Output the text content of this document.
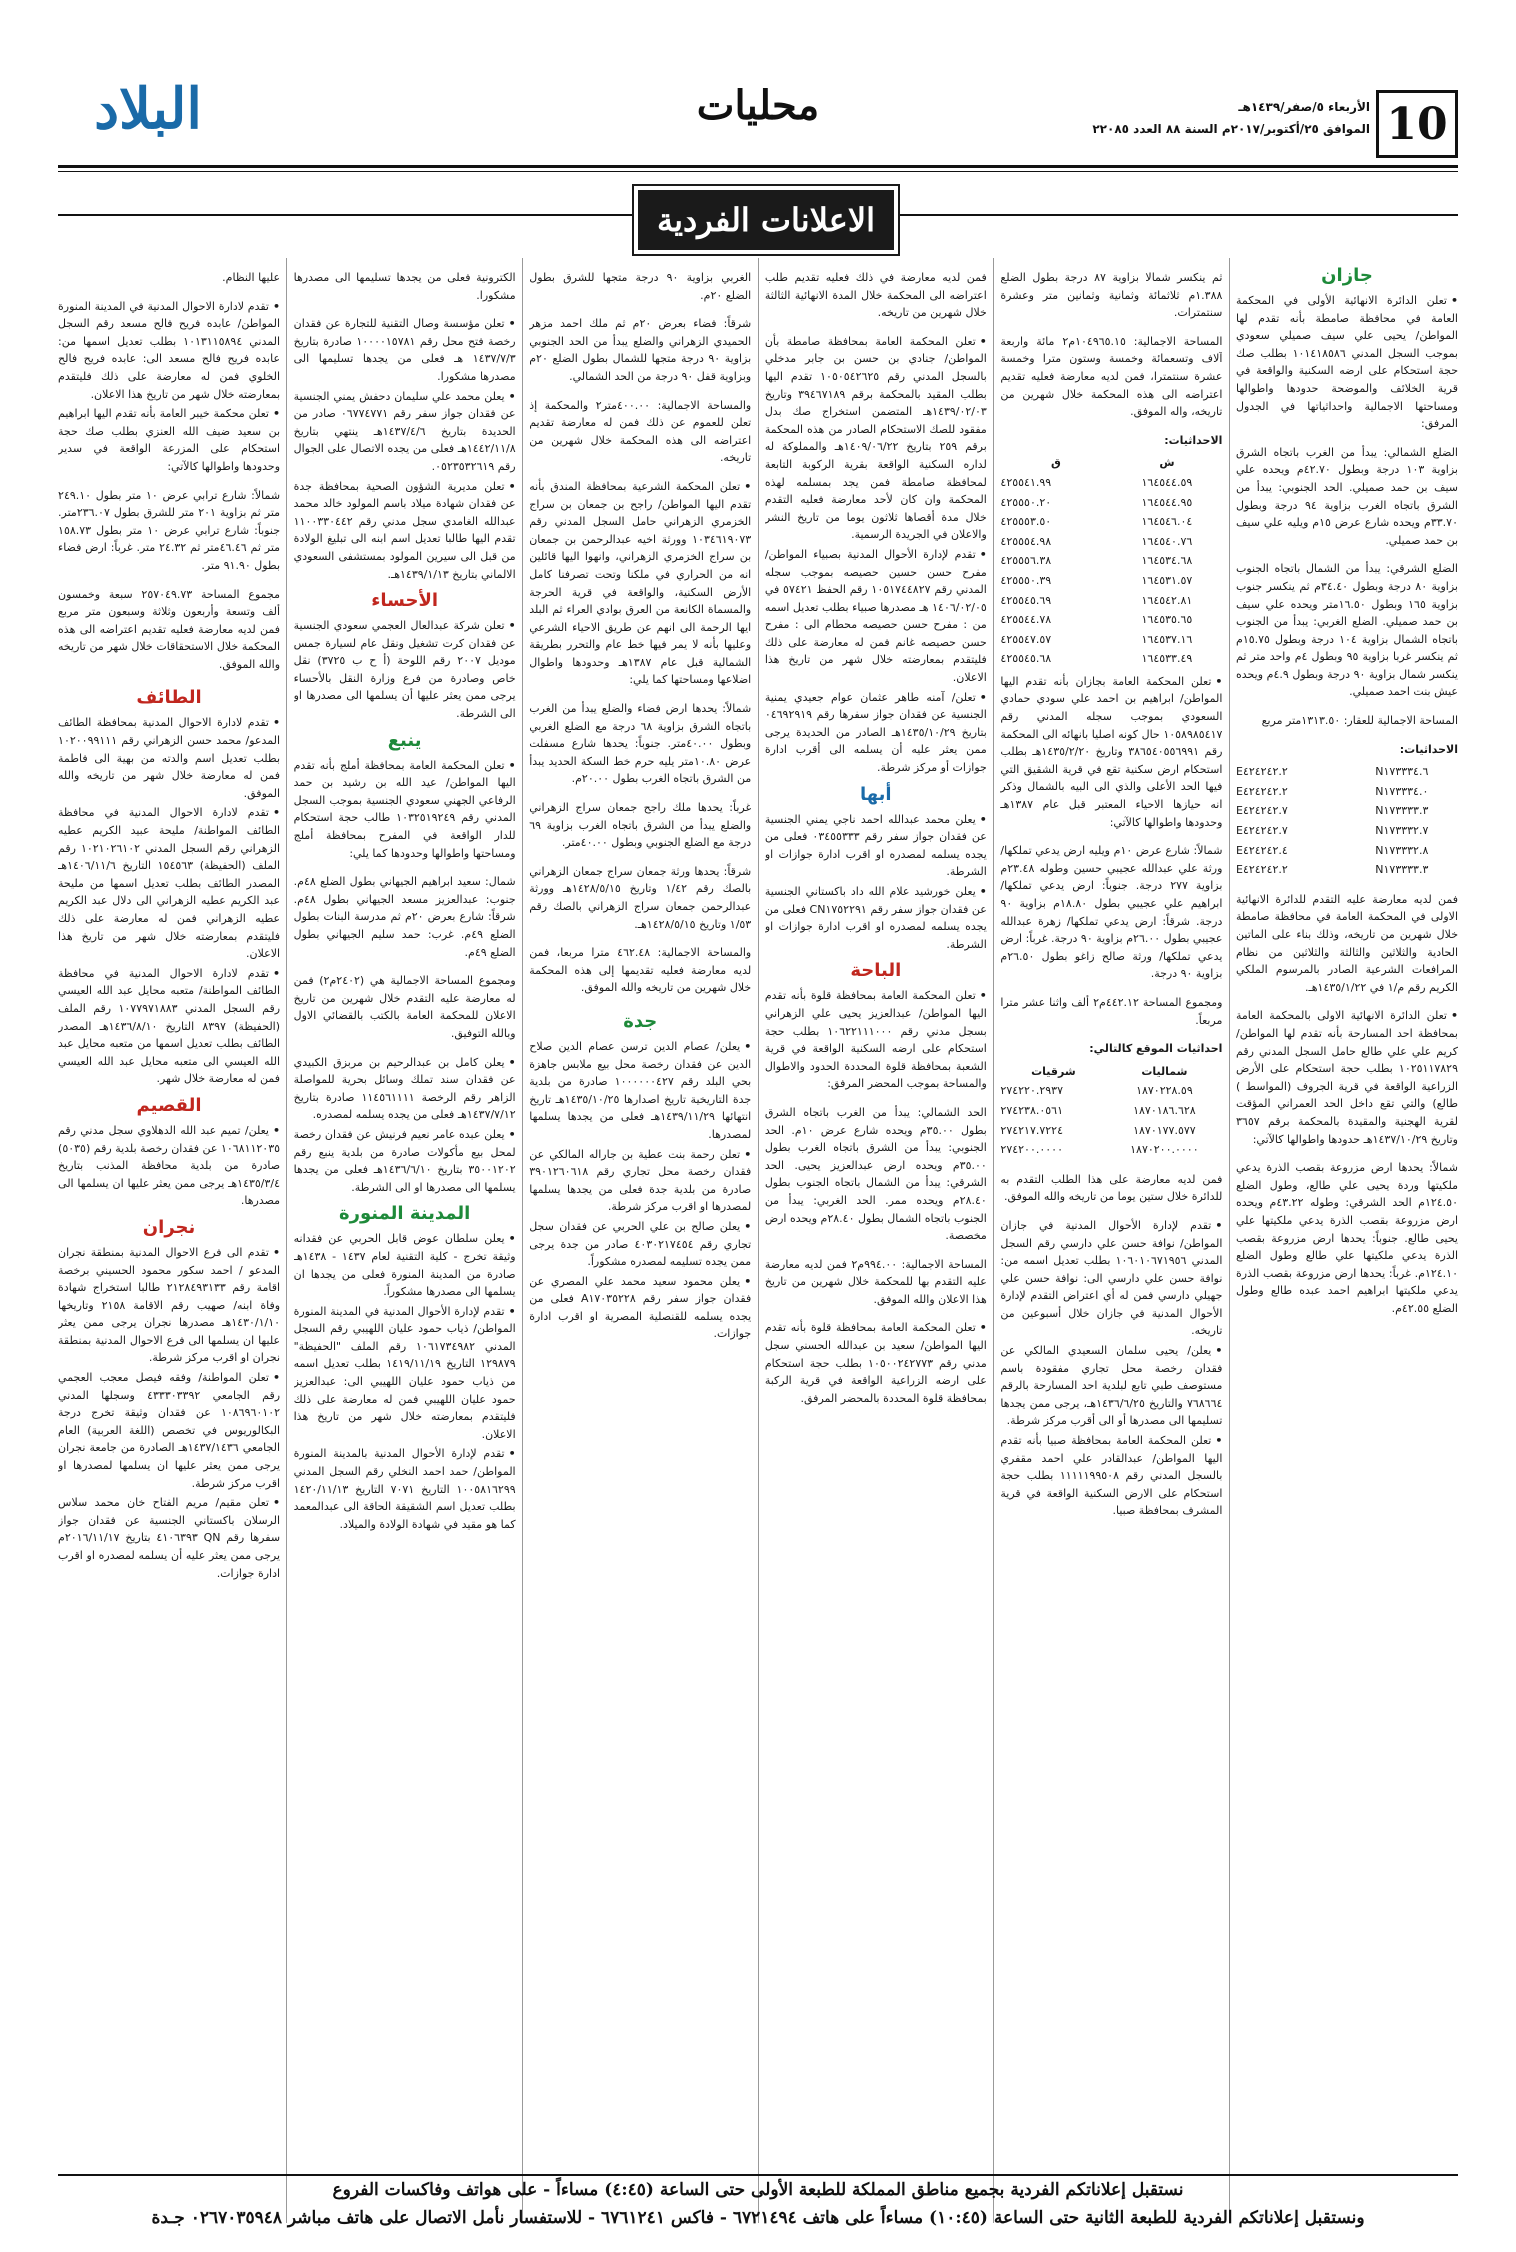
10
الأربعاء ٥/صفر/١٤٣٩هـ
الموافق ٢٥/أكتوبر/٢٠١٧م السنة ٨٨ العدد ٢٢٠٨٥
محليات
البلاد
الاعلانات الفردية
جازان

• تعلن الدائرة الانهائية الأولى في المحكمة العامة في محافظة صامطة بأنه تقدم لها المواطن/ يحيى علي سيف صميلي سعودي بموجب السجل المدني ١٠١٤١٨٥٨٦ بطلب صك حجة استحكام على ارضه السكنية والواقعة في قرية الخلائف والموضحة حدودها واطوالها ومساحتها الاجمالية واحداثياتها في الجدول المرفق:

الضلع الشمالي: يبدأ من الغرب باتجاه الشرق بزاوية ١٠٣ درجة وبطول ٤٢.٧٠م ويحده علي سيف بن حمد صميلي. الحد الجنوبي: يبدأ من الشرق باتجاه الغرب بزاوية ٩٤ درجة وبطول ٣٣.٧٠م ويحده شارع عرض ١٥م ويليه علي سيف بن حمد صميلي.

الضلع الشرقي: يبدأ من الشمال باتجاه الجنوب بزاوية ٨٠ درجة وبطول ٣٤.٤٠م ثم ينكسر جنوب بزاوية ١٦٥ وبطول ١٦.٥٠متر ويحده علي سيف بن حمد صميلي. الضلع الغربي: يبدأ من الجنوب باتجاه الشمال بزاوية ١٠٤ درجة وبطول ١٥.٧٥م ثم ينكسر غربا بزاوية ٩٥ وبطول ٤م واحد متر ثم ينكسر شمال بزاوية ٩٠ درجة وبطول ٤.٩م ويحده عيش بنت احمد صميلي.

المساحة الاجمالية للعقار: ١٣١٣.٥٠متر مربع

الاحداثيات:
E٤٢٤٢٤٢.٢	N١٧٣٣٣٤.٦
E٤٢٤٢٤٢.٢	N١٧٣٣٣٤.٠
E٤٢٤٢٤٢.٧	N١٧٣٣٣٣.٣
E٤٢٤٢٤٢.٧	N١٧٣٣٣٢.٧
E٤٢٤٢٤٢.٤	N١٧٣٣٣٢.٨
E٤٢٤٢٤٢.٢	N١٧٣٣٣٣.٣

فمن لديه معارضة عليه التقدم للدائرة الانهائية الاولى في المحكمة العامة في محافظة صامطة خلال شهرين من تاريخه، وذلك بناء على الماتين الحادية والثلاثين والثالثة والثلاثين من نظام المرافعات الشرعية الصادر بالمرسوم الملكي الكريم رقم م/١ في ١٤٣٥/١/٢٢هـ.

• تعلن الدائرة الانهائية الاولى بالمحكمة العامة بمحافظة احد المسارحة بأنه تقدم لها المواطن/ كريم علي علي طالع حامل السجل المدني رقم ١٠٢٥١١٧٨٢٩ بطلب حجة استحكام على الأرض الزراعية الواقعة في قرية الجروف (المواسط ) طالع) والتي تقع داخل الحد العمراني المؤقت لقرية الهجنية والمقيدة بالمحكمة برقم ٣٦٥٧ وتاريخ ١٤٣٧/١٠/٢٩هـ حدودها واطوالها كالآتي:

شمالاً: يحدها ارض مزروعة بقصب الذرة يدعي ملكيتها وردة يحيى علي طالع، وطول الضلع ١٢٤.٥٠م الحد الشرقي: وطوله ٤٣.٢٢م ويحده ارض مزروعة بقصب الذرة يدعي ملكيتها علي يحيى طالع. جنوباً: يحدها ارض مزروعة بقصب الذرة يدعي ملكيتها علي طالع وطول الضلع ١٢٤.١٠م. غرباً: يحدها ارض مزروعة بقصب الذرة يدعي ملكيتها ابراهيم احمد عبده طالع وطول الضلع ٤٢.٥٥م.

ثم ينكسر شمالا بزاوية ٨٧ درجة بطول الضلع ١.٣٨٨م ثلاثمائة وثمانية وثمانين متر وعشرة سنتمترات.

المساحة الاجمالية: ١٠٤٩٦٥.١٥م٢ مائة واربعة آلاف وتسعمائة وخمسة وستون مترا وخمسة عشرة سنتمترا، فمن لديه معارضة فعليه تقديم اعتراضه الى هذه المحكمة خلال شهرين من تاريخه، واله الموفق.

الاحداثيات:
ق	ش
٤٢٥٥٤١.٩٩	١٦٤٥٤٤.٥٩
٤٢٥٥٥٠.٢٠	١٦٤٥٤٤.٩٥
٤٢٥٥٥٣.٥٠	١٦٤٥٤٦.٠٤
٤٢٥٥٥٤.٩٨	١٦٤٥٤٠.٧٦
٤٢٥٥٥٦.٣٨	١٦٤٥٣٤.٦٨
٤٢٥٥٥٠.٣٩	١٦٤٥٣١.٥٧
٤٢٥٥٤٥.٦٩	١٦٤٥٤٢.٨١
٤٢٥٥٤٤.٧٨	١٦٤٥٣٥.٦٥
٤٢٥٥٤٧.٥٧	١٦٤٥٣٧.١٦
٤٢٥٥٤٥.٦٨	١٦٤٥٣٣.٤٩

• تعلن المحكمة العامة بجازان بأنه تقدم اليها المواطن/ ابراهيم بن احمد علي سودي حمادي السعودي بموجب سجله المدني رقم ١٠٥٨٩٨٥٤١٧ حال كونه اصليا بانهائه الى المحكمة رقم ٣٨٦٥٤٠٥٥٦٩٩١ وتاريخ ١٤٣٥/٢/٢٠هـ بطلب استحكام ارض سكنية تقع في قرية الشقيق التي فيها الحد الأعلى والذي الى البيه بالشمال وذكر انه حيازها الاحياء المعتبر قبل عام ١٣٨٧هـ وحدودها واطوالها كالآتي:

شمالاً: شارع عرض ١٠م ويليه ارض يدعي تملكها/ ورثة علي عبدالله عجيبي حسين وطوله ٢٣.٤٨م بزاوية ٢٧٧ درجة. جنوباً: ارض يدعي تملكها/ ابراهيم علي عجيبي بطول ١٨.٨٠م بزاوية ٩٠ درجة. شرقاً: ارض يدعي تملكها/ زهرة عبدالله عجيبي بطول ٢٦.٠٠م بزاوية ٩٠ درجة. غرباً: ارض يدعي تملكها/ ورثة صالح زاغو بطول ٢٦.٥٠م بزاوية ٩٠ درجة.

ومجموع المساحة ٤٤٢.١٢م٢ ألف واثنا عشر مترا مربعاً.

احداثيات الموقع كالتالي:
شرقيات	شماليات
٢٧٤٢٢٠.٢٩٣٧	١٨٧٠٢٢٨.٥٩
٢٧٤٢٣٨.٠٥٦١	١٨٧٠١٨٦.٦٢٨
٢٧٤٢١٧.٧٢٢٤	١٨٧٠١٧٧.٥٧٧
٢٧٤٢٠٠.٠٠٠٠	١٨٧٠٢٠٠.٠٠٠٠

فمن لديه معارضة على هذا الطلب التقدم به للدائرة خلال ستين يوما من تاريخه والله الموفق.

• تقدم لإدارة الأحوال المدنية في جازان المواطن/ نوافة حسن علي دارسي رقم السجل المدني ١٠٦٠١٠٦٧١٩٥٦ بطلب تعديل اسمه من: نوافة حسن علي دارسي الى: نوافة حسن علي جهيلي دارسي فمن له أي اعتراض التقدم لإدارة الأحوال المدنية في جازان خلال أسبوعين من تاريخه.

• يعلن/ يحيى سلمان السعيدي المالكي عن فقدان رخصة محل تجاري مفقودة باسم مستوصف طبي تابع لبلدية احد المسارحة بالرقم ٧٦٨٦٦٤ والتاريخ ١٤٣٦/٦/٢٥هـ، يرجى ممن يجدها تسليمها الى مصدرها أو الى أقرب مركز شرطة.

• تعلن المحكمة العامة بمحافظة صبيا بأنه تقدم اليها المواطن/ عبدالقادر علي احمد مقفري بالسجل المدني رقم ١١١١١٩٩٥٠٨ بطلب حجة استحكام على الارض السكنية الواقعة في قرية المشرف بمحافظة صبيا.

فمن لديه معارضة في ذلك فعليه تقديم طلب اعتراضه الى المحكمة خلال المدة الانهائية الثالثة خلال شهرين من تاريخه.

• تعلن المحكمة العامة بمحافظة صامطة بأن المواطن/ جنادي بن حسن بن جابر مدخلي بالسجل المدني رقم ١٠٥٠٥٤٢٦٢٥ تقدم اليها بطلب المقيد بالمحكمة برقم ٣٩٤٦٧١٨٩ وتاريخ ١٤٣٩/٠٢/٠٣هـ المتضمن استخراج صك بدل مفقود للصك الاستحكام الصادر من هذه المحكمة برقم ٢٥٩ بتاريخ ١٤٠٩/٠٦/٢٢هـ والمملوكة له لداره السكنية الواقعة بقرية الركوبة التابعة لمحافظة صامطة فمن يجد بمسلمه لهذه المحكمة وان كان لأحد معارضة فعليه التقدم خلال مدة أقصاها ثلاثون يوما من تاريخ النشر والاعلان في الجريدة الرسمية.

• تقدم لإدارة الأحوال المدنية بصبياء المواطن/ مفرح حسن حسين حصيصه بموجب سجله المدني رقم ١٠٥١٧٤٤٨٢٧ رقم الحفظ ٥٧٤٢١ في ١٤٠٦/٠٢/٠٥ هـ مصدرها صبياء بطلب تعديل اسمه من : مفرح حسن حصيصه محطام الى : مفرح حسن حصيصه غانم فمن له معارضة على ذلك فليتقدم بمعارضته خلال شهر من تاريخ هذا الاعلان.

• تعلن/ آمنه طاهر عثمان عوام جعيدي يمنية الجنسية عن فقدان جواز سفرها رقم ٠٤٦٩٢٩١٩ بتاريخ ١٤٣٥/١٠/٢٩هـ الصادر من الحديدة يرجى ممن يعثر عليه أن يسلمه الى أقرب ادارة جوازات أو مركز شرطة.

أبها

• يعلن محمد عبدالله احمد ناجي يمني الجنسية عن فقدان جواز سفر رقم ٠٣٤٥٥٣٣٣ فعلى من يجده يسلمه لمصدره او اقرب ادارة جوازات او الشرطة.

• يعلن خورشيد علام الله داد باكستاني الجنسية عن فقدان جواز سفر رقم CN١٧٥٢٢٩١ فعلى من يجده يسلمه لمصدره او اقرب ادارة جوازات او الشرطة.

الباحة

• تعلن المحكمة العامة بمحافظة قلوة بأنه تقدم اليها المواطن/ عبدالعزيز يحيى علي الزهراني بسجل مدني رقم ١٠٦٢٢١١١٠٠٠ بطلب حجة استحكام على ارضه السكنية الواقعة في قرية الشعبة بمحافظة قلوة المحددة الحدود والاطوال والمساحة بموجب المحضر المرفق:

الحد الشمالي: يبدأ من الغرب باتجاه الشرق بطول ٣٥.٠٠م ويحده شارع عرض ١٠م. الحد الجنوبي: يبدأ من الشرق باتجاه الغرب بطول ٣٥.٠٠م ويحده ارض عبدالعزيز يحيى. الحد الشرقي: يبدأ من الشمال باتجاه الجنوب بطول ٢٨.٤٠م ويحده ممر. الحد الغربي: يبدأ من الجنوب باتجاه الشمال بطول ٢٨.٤٠م ويحده ارض مخصصة.

المساحة الاجمالية: ٩٩٤.٠٠م٢ فمن لديه معارضة عليه التقدم بها للمحكمة خلال شهرين من تاريخ هذا الاعلان والله الموفق.

• تعلن المحكمة العامة بمحافظة قلوة بأنه تقدم اليها المواطن/ سعيد بن عبدالله الحسني سجل مدني رقم ١٠٥٠٠٢٤٢٧٧٣ بطلب حجة استحكام على ارضه الزراعية الواقعة في قرية الركبة بمحافظة قلوة المحددة بالمحضر المرفق.

الغربي بزاوية ٩٠ درجة متجها للشرق بطول الضلع ٢٠م.

شرقاً: فضاء بعرض ٢٠م ثم ملك احمد مزهر الحميدي الزهراني والضلع يبدأ من الحد الجنوبي بزاوية ٩٠ درجة متجها للشمال بطول الضلع ٢٠م وبزاوية قفل ٩٠ درجة من الحد الشمالي.

والمساحة الاجمالية: ٤٠٠.٠٠متر٢ والمحكمة إذ تعلن للعموم عن ذلك فمن له معارضة تقديم اعتراضه الى هذه المحكمة خلال شهرين من تاريخه.

• تعلن المحكمة الشرعية بمحافظة المندق بأنه تقدم اليها المواطن/ راجح بن جمعان بن سراج الخزمري الزهراني حامل السجل المدني رقم ١٠٣٤٦١٩٠٧٣ وورثة اخيه عبدالرحمن بن جمعان بن سراج الخزمري الزهراني، وانهوا اليها قائلين انه من الحراري في ملكنا وتحت تصرفنا كامل الأرض السكنية، والواقعة في قرية الحرجة والمسماة الكانعة من العرق بوادي العراء ثم البلد ايها الرحمة الى انهم عن طريق الاحياء الشرعي وعليها بأنه لا يمر فيها خط عام والتحرر بطريقة الشمالية قبل عام ١٣٨٧هـ وحدودها واطوال اضلاعها ومساحتها كما يلي:

شمالاً: يحدها ارض فضاء والضلع يبدأ من الغرب باتجاه الشرق بزاوية ٦٨ درجة مع الضلع الغربي وبطول ٤٠.٠٠متر. جنوباً: يحدها شارع مسفلت عرض ١٠.٨٠متر يليه حرم خط السكة الحديد يبدأ من الشرق باتجاه الغرب بطول ٢٠.٠٠م.

غرباً: يحدها ملك راجح جمعان سراج الزهراني والضلع يبدأ من الشرق باتجاه الغرب بزاوية ٦٩ درجة مع الضلع الجنوبي وبطول ٤٠.٠٠متر.

شرقاً: يحدها ورثة جمعان سراج جمعان الزهراني بالصك رقم ١/٤٢ وتاريخ ١٤٢٨/٥/١٥هـ وورثة عبدالرحمن جمعان سراج الزهراني بالصك رقم ١/٥٣ وتاريخ ١٤٢٨/٥/١٥هـ.

والمساحة الاجمالية: ٤٦٢.٤٨ مترا مربعا، فمن لديه معارضة فعليه تقديمها إلى هذه المحكمة خلال شهرين من تاريخه والله الموفق.

جدة

• يعلن/ عصام الدين ترسن عصام الدين صلاح الدين عن فقدان رخصة محل بيع ملابس جاهزة بحي البلد رقم ١٠٠٠٠٠٠٤٢٧ صادرة من بلدية جدة التاريخية تاريخ اصدارها ١٤٣٥/١٠/٢٥هـ تاريخ انتهائها ١٤٣٩/١١/٢٩هـ فعلى من يجدها يسلمها لمصدرها.

• تعلن رحمة بنت عطية بن جاراله المالكي عن فقدان رخصة محل تجاري رقم ٣٩٠١٢٦٠٦١٨ صادرة من بلدية جدة فعلى من يجدها يسلمها لمصدرها او اقرب مركز شرطة.

• يعلن صالح بن علي الحربي عن فقدان سجل تجاري رقم ٤٠٣٠٢١٧٤٥٤ صادر من جدة يرجى ممن يجده تسليمه لمصدره مشكوراً.

• يعلن محمود سعيد محمد علي المصري عن فقدان جواز سفر رقم A١٧٠٣٥٢٢٨ فعلى من يجده يسلمه للقنصلية المصرية او اقرب ادارة جوازات.

الكترونية فعلى من يجدها تسليمها الى مصدرها مشكورا.

• تعلن مؤسسة وصال التقنية للتجارة عن فقدان رخصة فتح محل رقم ١٠٠٠٠١٥٧٨١ صادرة بتاريخ ١٤٣٧/٧/٣ هـ فعلى من يجدها تسليمها الى مصدرها مشكورا.

• يعلن محمد علي سليمان دحفش يمني الجنسية عن فقدان جواز سفر رقم ٠٦٧٧٤٧٧١ صادر من الحديدة بتاريخ ١٤٣٧/٤/٦هـ ينتهي بتاريخ ١٤٤٢/١١/٨هـ فعلى من يجده الاتصال على الجوال رقم ٠٥٢٣٥٣٢٦١٩.

• تعلن مديرية الشؤون الصحية بمحافظة جدة عن فقدان شهادة ميلاد باسم المولود خالد محمد عبدالله الغامدي سجل مدني رقم ١١٠٠٣٣٠٤٤٢ تقدم اليها طالبا تعديل اسم ابنه الى تبليغ الولادة من قبل الى سيرين المولود بمستشفى السعودي الالماني بتاريخ ١٤٣٩/١/١٣هـ.

الأحساء

• تعلن شركة عبدالعال العجمي سعودي الجنسية عن فقدان كرت تشغيل ونقل عام لسيارة جمس موديل ٢٠٠٧ رقم اللوحة (أ ح ب ٣٧٢٥) نقل خاص وصادرة من فرع وزارة النقل بالأحساء يرجى ممن يعثر عليها أن يسلمها الى مصدرها او الى الشرطة.

ينبع

• تعلن المحكمة العامة بمحافظة أملج بأنه تقدم اليها المواطن/ عيد الله بن رشيد بن حمد الرفاعي الجهني سعودي الجنسية بموجب السجل المدني رقم ١٠٣٢٥١٩٢٤٩ طالب حجة استحكام للدار الواقعة في المفرح بمحافظة أملج ومساحتها واطوالها وحدودها كما يلي:

شمال: سعيد ابراهيم الجيهاني بطول الضلع ٤٨م. جنوب: عبدالعزيز مسعد الجيهاني بطول ٤٨م. شرقاً: شارع بعرض ٢٠م ثم مدرسة البنات بطول الضلع ٤٩م. غرب: حمد سليم الجيهاني بطول الضلع ٤٩م.

ومجموع المساحة الاجمالية هي (٢٤٠٢م٢) فمن له معارضة عليه التقدم خلال شهرين من تاريخ الاعلان للمحكمة العامة بالكتب بالقضائي الاول وبالله التوفيق.

• يعلن كامل بن عبدالرحيم بن مربزق الكبيدي عن فقدان سند تملك وسائل بحرية للمواصلة الزاهر رقم الرخصة ١١٤٥٦١١١١ صادرة بتاريخ ١٤٣٧/٧/١٢هـ فعلى من يجده يسلمه لمصدره.

• يعلن عبده عامر نعيم فرنيش عن فقدان رخصة لمحل بيع مأكولات صادرة من بلدية ينبع رقم ٣٥٠٠١٢٠٢ بتاريخ ١٤٣٦/٦/١٠هـ فعلى من يجدها يسلمها الى مصدرها او الى الشرطة.

المدينة المنورة

• يعلن سلطان عوض قابل الحربي عن فقدانه وثيقة تخرج - كلية التقنية لعام ١٤٣٧ - ١٤٣٨هـ صادرة من المدينة المنورة فعلى من يجدها ان يسلمها الى مصدرها مشكوراً.

• تقدم لإدارة الأحوال المدنية في المدينة المنورة المواطن/ ذياب حمود عليان اللهيبي رقم السجل المدني ١٠٦١٧٣٤٩٨٢ رقم الملف "الحفيظة" ١٢٩٨٧٩ التاريخ ١٤١٩/١١/١٩ بطلب تعديل اسمه من ذياب حمود عليان اللهيبي الى: عبدالعزيز حمود عليان اللهيبي فمن له معارضة على ذلك فليتقدم بمعارضته خلال شهر من تاريخ هذا الاعلان.

• تقدم لإدارة الأحوال المدنية بالمدينة المنورة المواطن/ حمد احمد النخلي رقم السجل المدني ١٠٠٥٨١٦٢٩٩ التاريخ ٧٠٧١ التاريخ ١٤٢٠/١١/١٣ بطلب تعديل اسم الشقيقة الحاقة الى عبدالمعمد كما هو مقيد في شهادة الولادة والميلاد.

عليها النظام.

• تقدم لادارة الاحوال المدنية في المدينة المنورة المواطن/ عابده فريح فالح مسعد رقم السجل المدني ١٠١٣١١٥٨٩٤ بطلب تعديل اسمها من: عابده فريح فالح مسعد الى: عابده فريح فالح الخلوي فمن له معارضة على ذلك فليتقدم بمعارضته خلال شهر من تاريخ هذا الاعلان.

• تعلن محكمة خيبر العامة بأنه تقدم اليها ابراهيم بن سعيد ضيف الله العنزي بطلب صك حجة استحكام على المزرعة الواقعة في سدير وحدودها واطوالها كالآتي:

شمالاً: شارع ترابي عرض ١٠ متر بطول ٢٤٩.١٠ متر ثم بزاوية ٢٠١ متر للشرق بطول ٢٣٦.٠٧متر. جنوباً: شارع ترابي عرض ١٠ متر بطول ١٥٨.٧٣ متر ثم ٤٦.٤٦متر ثم ٢٤.٣٢ متر. غرباً: ارض فضاء بطول ٩١.٩٠ متر.

مجموع المساحة ٢٥٧٠٤٩.٧٣ سبعة وخمسون ألف وتسعة وأربعون وثلاثة وسبعون متر مربع فمن لديه معارضة فعليه تقديم اعتراضه الى هذه المحكمة خلال الاستحقاقات خلال شهر من تاريخه والله الموفق.

الطائف

• تقدم لادارة الاحوال المدنية بمحافظة الطائف المدعو/ محمد حسن الزهراني رقم ١٠٢٠٠٩٩١١١ بطلب تعديل اسم والدته من بهية الى فاطمة فمن له معارضة خلال شهر من تاريخه والله الموفق.

• تقدم لادارة الاحوال المدنية في محافظة الطائف المواطنة/ مليحة عبيد الكريم عطيه الزهراني رقم السجل المدني ١٠٢١٠٢٦١٠٢ رقم الملف (الحفيظة) ١٥٤٥٦٣ التاريخ ١٤٠٦/١١/٦هـ المصدر الطائف بطلب تعديل اسمها من مليحة عبد الكريم عطيه الزهراني الى دلال عبد الكريم عطيه الزهراني فمن له معارضة على ذلك فليتقدم بمعارضته خلال شهر من تاريخ هذا الاعلان.

• تقدم لادارة الاحوال المدنية في محافظة الطائف المواطنة/ متعبه محايل عبد الله العيسي رقم السجل المدني ١٠٧٧٩٧١٨٨٣ رقم الملف (الحفيظة) ٨٣٩٧ التاريخ ١٤٣٦/٨/١٠هـ المصدر الطائف بطلب تعديل اسمها من متعبه محايل عبد الله العيسي الى متعبه محايل عبد الله العيسي فمن له معارضة خلال شهر.

القصيم

• يعلن/ تميم عبد الله الدهلاوي سجل مدني رقم ١٠٦٨١١٢٠٣٥ عن فقدان رخصة بلدية رقم (٥٠٣٥) صادرة من بلدية محافظة المذنب بتاريخ ١٤٣٥/٣/٤هـ يرجى ممن يعثر عليها ان يسلمها الى مصدرها.

نجران

• تقدم الى فرع الاحوال المدنية بمنطقة نجران المدعو / احمد سكور محمود الحسيني برخصة اقامة رقم ٢١٢٨٤٩٣١٣٣ طالبا استخراج شهادة وفاة ابنه/ صهيب رقم الاقامة ٢١٥٨ وتاريخها ١٤٣٠/١/١٠هـ مصدرها نجران يرجى ممن يعثر عليها ان يسلمها الى فرع الاحوال المدنية بمنطقة نجران او اقرب مركز شرطة.

• تعلن المواطنة/ وفقه فيصل معجب العجمي رقم الجامعي ٤٣٣٣٠٣٣٩٢ وسجلها المدني ١٠٨٦٩٦٠١٠٢ عن فقدان وثيقة تخرج درجة البكالوريوس في تخصص (اللغة العربية) العام الجامعي ١٤٣٧/١٤٣٦هـ الصادرة من جامعة نجران يرجى ممن يعثر عليها ان يسلمها لمصدرها او اقرب مركز شرطة.

• تعلن مقيم/ مريم الفتاح خان محمد سلاس الرسلان باكستاني الجنسية عن فقدان جواز سفرها رقم QN ٤١٠٦٣٩٣ بتاريخ ٢٠١٦/١١/١٧م يرجى ممن يعثر عليه أن يسلمه لمصدره او اقرب ادارة جوازات.

نستقبل إعلاناتكم الفردية بجميع مناطق المملكة للطبعة الأولى حتى الساعة (٤:٤٥) مساءاً - على هواتف وفاكسات الفروع
ونستقبل إعلاناتكم الفردية للطبعة الثانية حتى الساعة (١٠:٤٥) مساءاً على هاتف ٦٧٢١٤٩٤ - فاكس ٦٧٦١٢٤١ - للاستفسار نأمل الاتصال على هاتف مباشر ٠٢٦٧٠٣٥٩٤٨ جـدة
